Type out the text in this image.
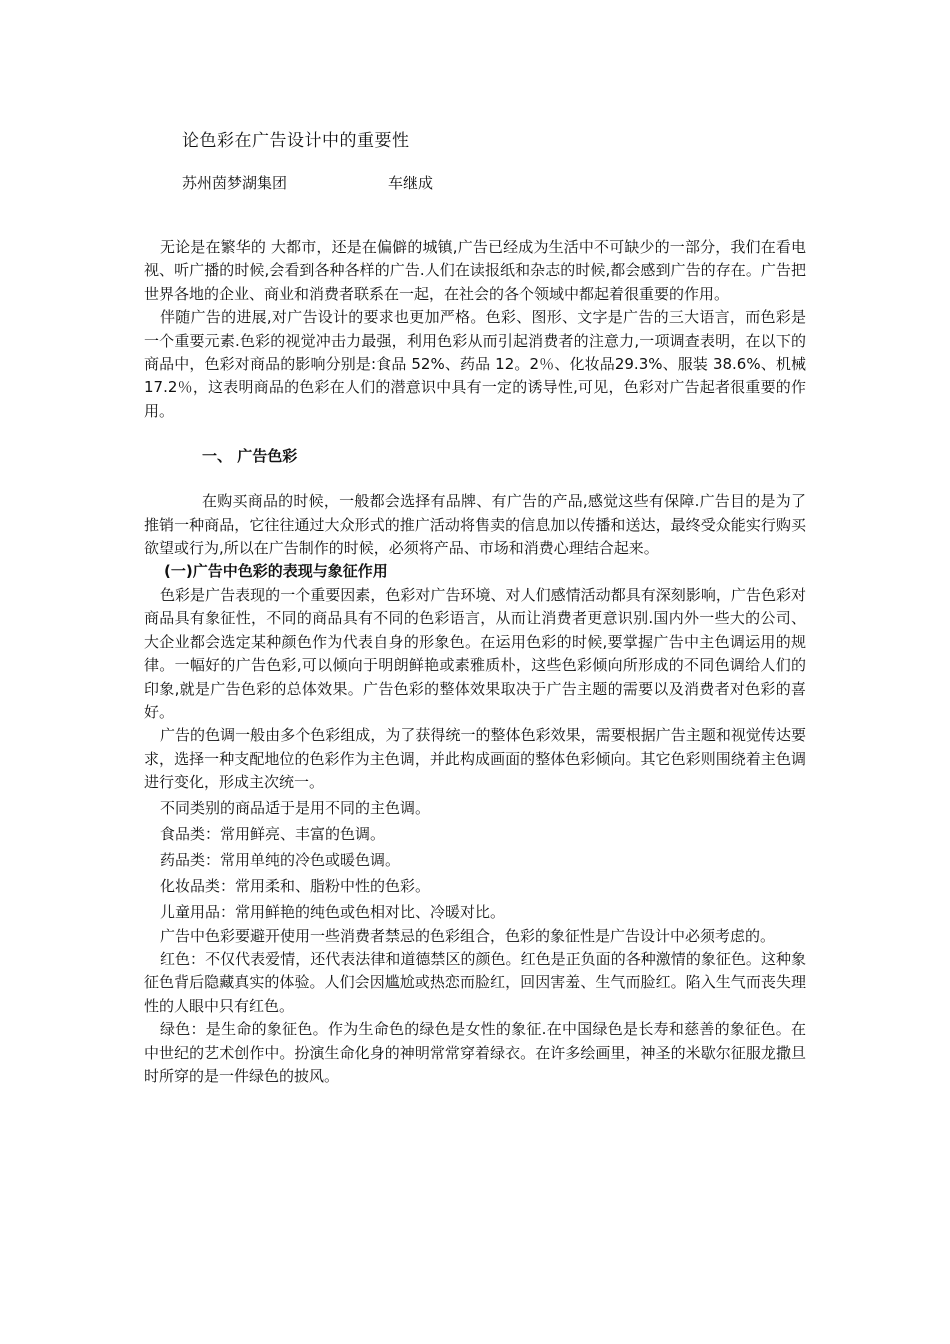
论色彩在广告设计中的重要性
苏州茵梦湖集团	车继成

无论是在繁华的 大都市，还是在偏僻的城镇,广告已经成为生活中不可缺少的一部分，我们在看电视、听广播的时候,会看到各种各样的广告.人们在读报纸和杂志的时候,都会感到广告的存在。广告把世界各地的企业、商业和消费者联系在一起，在社会的各个领域中都起着很重要的作用。

伴随广告的进展,对广告设计的要求也更加严格。色彩、图形、文字是广告的三大语言，而色彩是一个重要元素.色彩的视觉冲击力最强，利用色彩从而引起消费者的注意力,一项调查表明，在以下的商品中，色彩对商品的影响分别是:食品 52%、药品 12。2％、化妆品29.3%、服装 38.6%、机械 17.2％，这表明商品的色彩在人们的潜意识中具有一定的诱导性,可见，色彩对广告起者很重要的作用。

一、 广告色彩

在购买商品的时候，一般都会选择有品牌、有广告的产品,感觉这些有保障.广告目的是为了推销一种商品，它往往通过大众形式的推广活动将售卖的信息加以传播和送达，最终受众能实行购买欲望或行为,所以在广告制作的时候，必须将产品、市场和消费心理结合起来。

(一)广告中色彩的表现与象征作用

色彩是广告表现的一个重要因素，色彩对广告环境、对人们感情活动都具有深刻影响，广告色彩对商品具有象征性，不同的商品具有不同的色彩语言，从而让消费者更意识别.国内外一些大的公司、大企业都会选定某种颜色作为代表自身的形象色。在运用色彩的时候,要掌握广告中主色调运用的规律。一幅好的广告色彩,可以倾向于明朗鲜艳或素雅质朴，这些色彩倾向所形成的不同色调给人们的印象,就是广告色彩的总体效果。广告色彩的整体效果取决于广告主题的需要以及消费者对色彩的喜好。

广告的色调一般由多个色彩组成，为了获得统一的整体色彩效果，需要根据广告主题和视觉传达要求，选择一种支配地位的色彩作为主色调，并此构成画面的整体色彩倾向。其它色彩则围绕着主色调进行变化，形成主次统一。

不同类别的商品适于是用不同的主色调。

食品类：常用鲜亮、丰富的色调。

药品类：常用单纯的冷色或暖色调。

化妆品类：常用柔和、脂粉中性的色彩。

儿童用品：常用鲜艳的纯色或色相对比、冷暖对比。

广告中色彩要避开使用一些消费者禁忌的色彩组合，色彩的象征性是广告设计中必须考虑的。

红色：不仅代表爱情，还代表法律和道德禁区的颜色。红色是正负面的各种激情的象征色。这种象征色背后隐藏真实的体验。人们会因尴尬或热恋而脸红，回因害羞、生气而脸红。陷入生气而丧失理性的人眼中只有红色。

绿色：是生命的象征色。作为生命色的绿色是女性的象征.在中国绿色是长寿和慈善的象征色。在中世纪的艺术创作中。扮演生命化身的神明常常穿着绿衣。在许多绘画里，神圣的米歇尔征服龙撒旦时所穿的是一件绿色的披风。
